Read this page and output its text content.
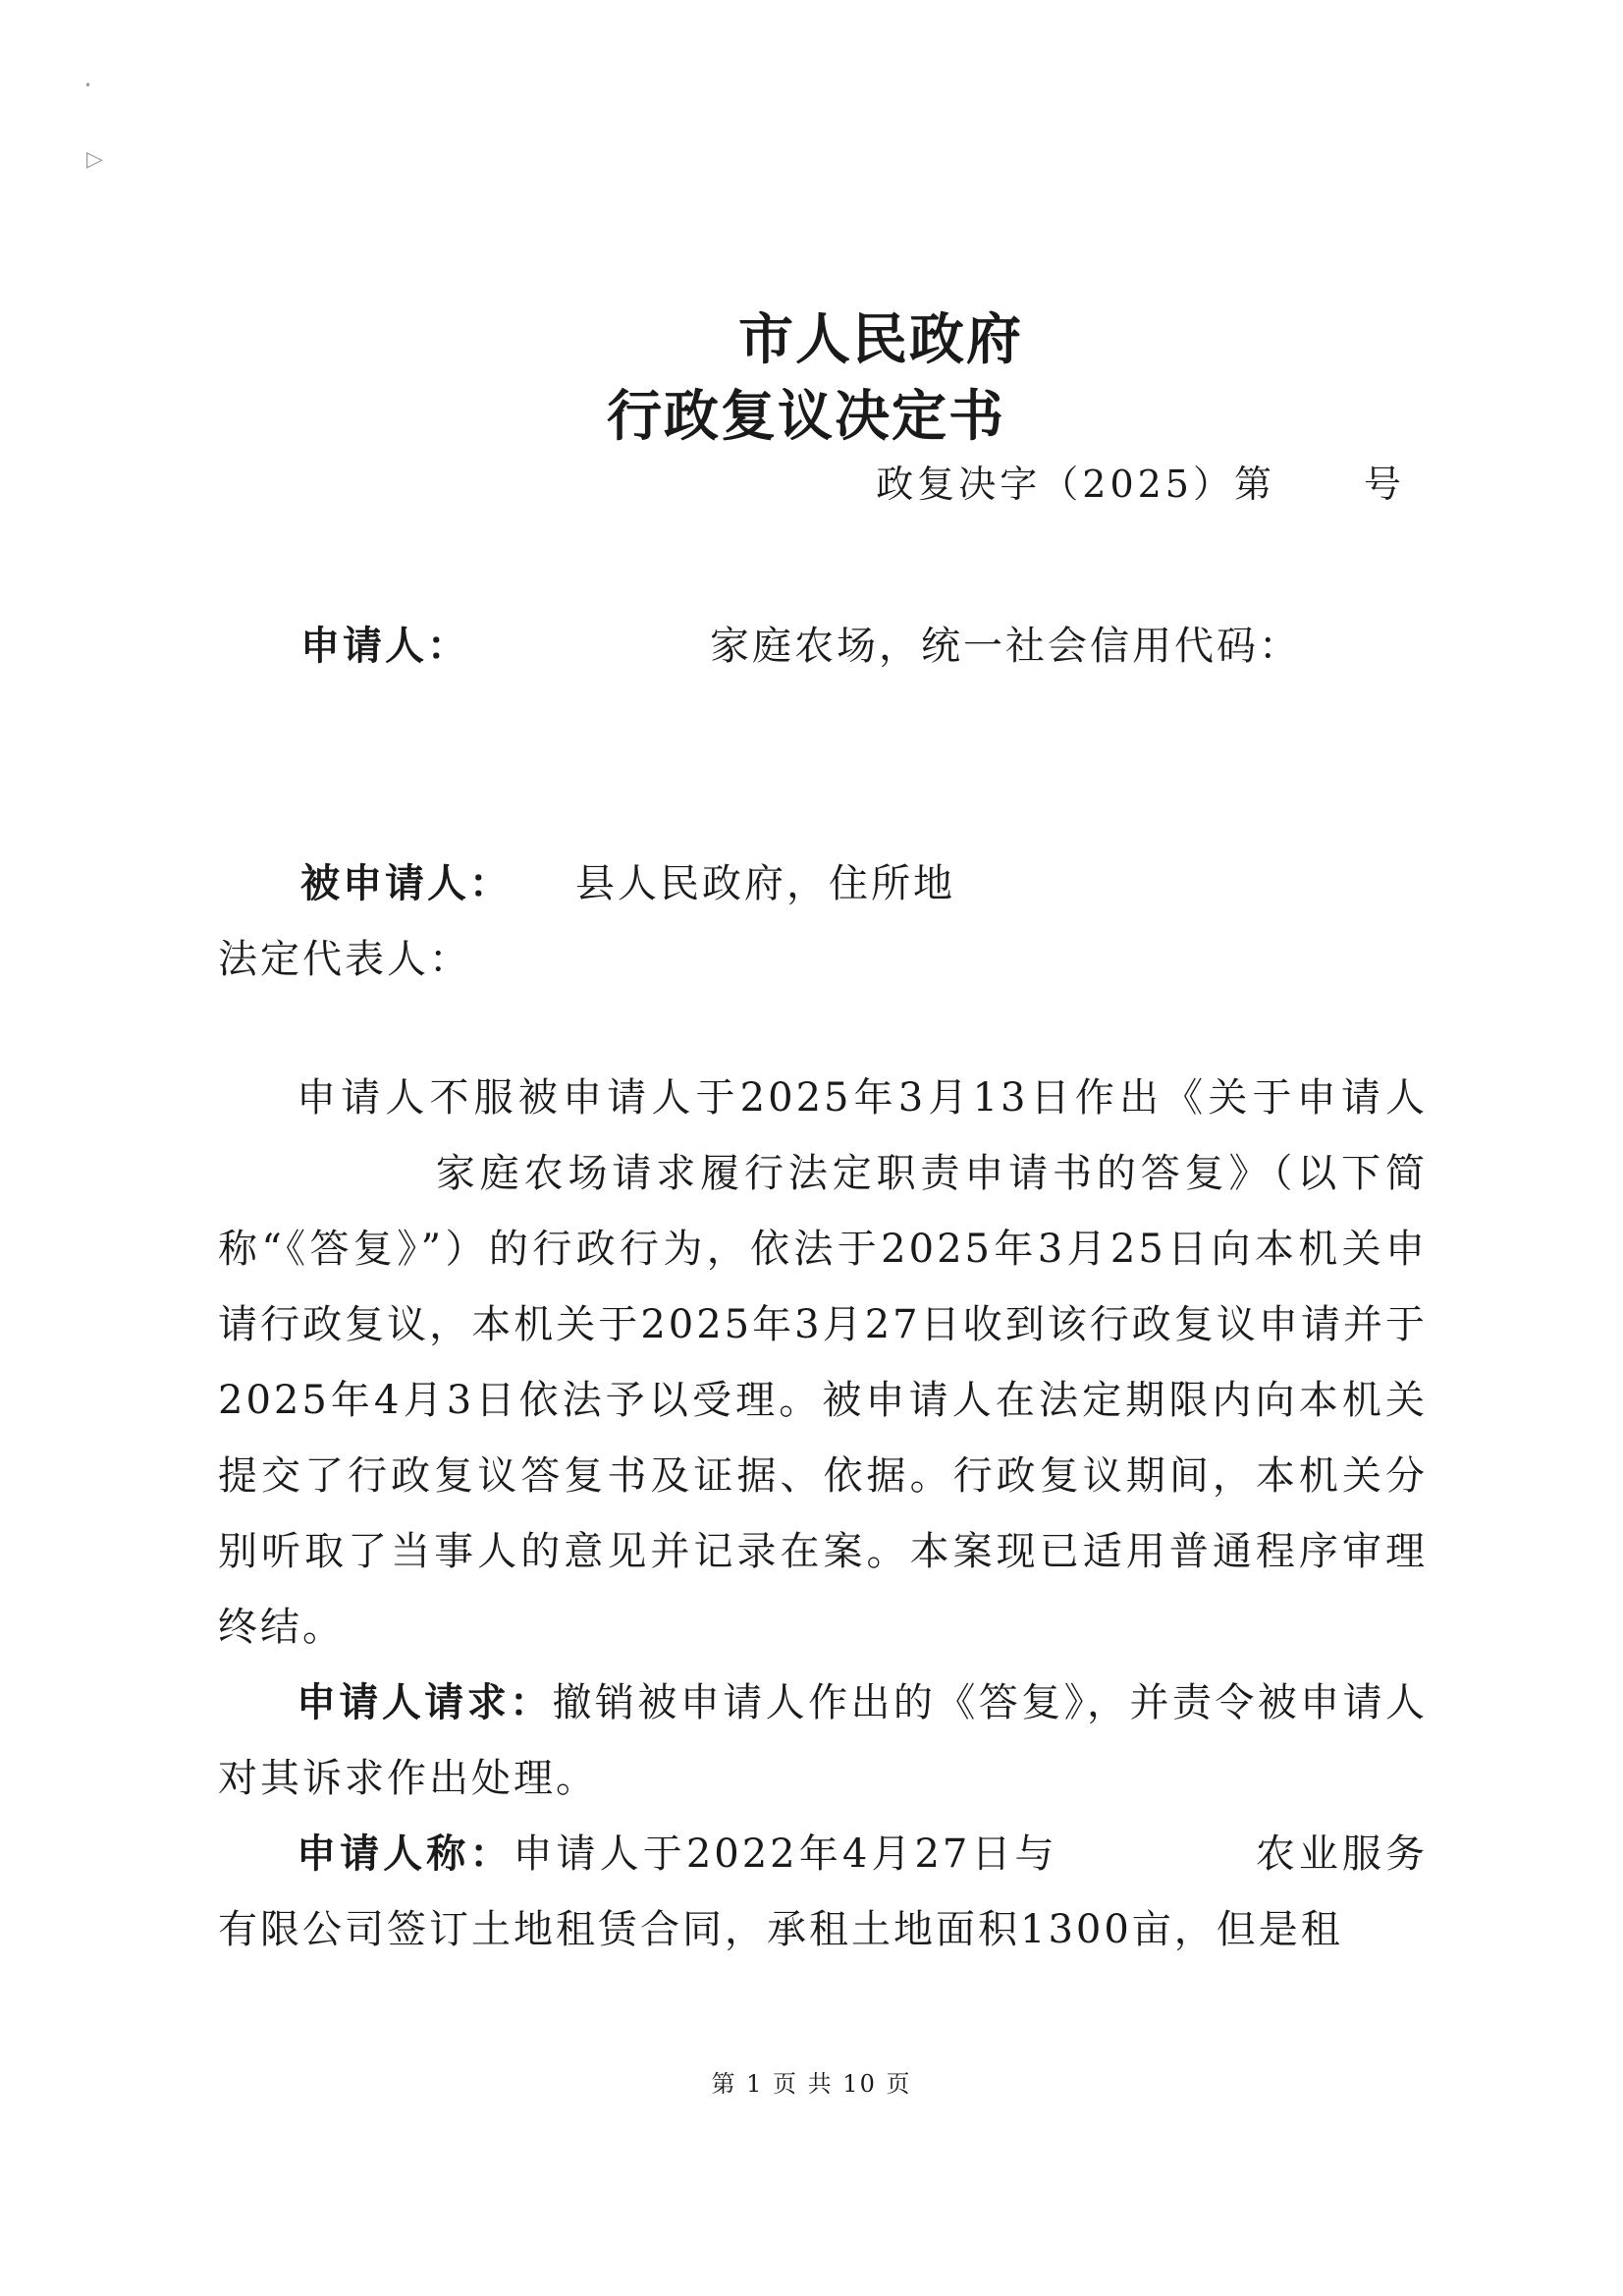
•
▷
市人民政府
行政复议决定书
政复决字（2025）第 号
申请人：	家庭农场，统一社会信用代码：
被申请人： 县人民政府，住所地
法定代表人：

申请人不服被申请人于2025年3月13日作出《关于申请人家庭农场请求履行法定职责申请书的答复》（以下简称“《答复》”）的行政行为，依法于2025年3月25日向本机关申请行政复议，本机关于2025年3月27日收到该行政复议申请并于2025年4月3日依法予以受理。被申请人在法定期限内向本机关提交了行政复议答复书及证据、依据。行政复议期间，本机关分别听取了当事人的意见并记录在案。本案现已适用普通程序审理终结。

申请人请求：撤销被申请人作出的《答复》，并责令被申请人对其诉求作出处理。

申请人称：申请人于2022年4月27日与	农业服务有限公司签订土地租赁合同，承租土地面积1300亩，但是租

第 1 页 共 10 页
